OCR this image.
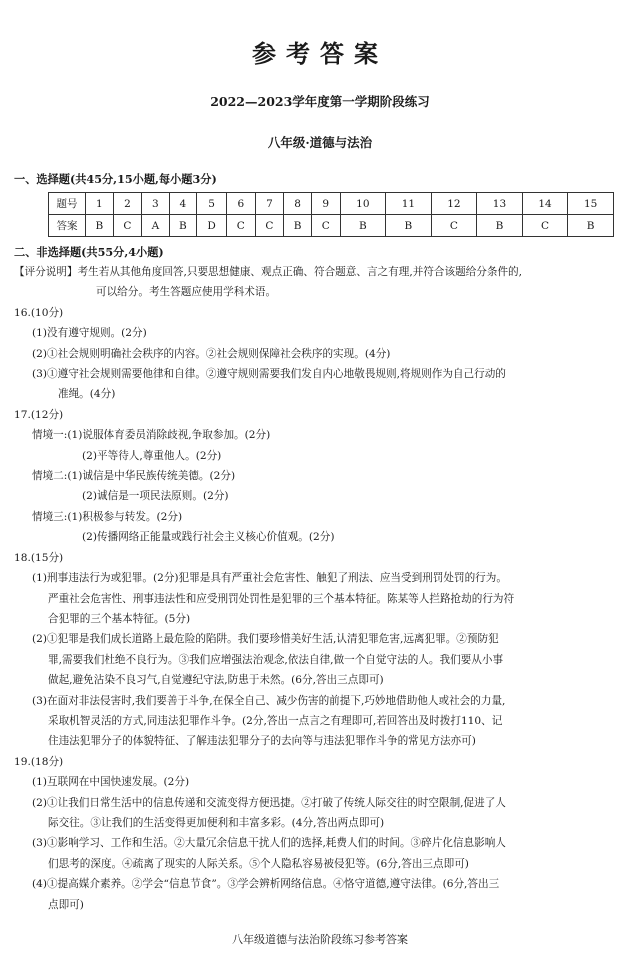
参考答案
2022—2023学年度第一学期阶段练习
八年级·道德与法治
一、选择题(共45分,15小题,每小题3分)
题号	1	2	3	4	5	6	7	8	9	10	11	12	13	14	15
答案	B	C	A	B	D	C	C	B	C	B	B	C	B	C	B
二、非选择题(共55分,4小题)
【评分说明】考生若从其他角度回答,只要思想健康、观点正确、符合题意、言之有理,并符合该题给分条件的,
可以给分。考生答题应使用学科术语。
16.(10分)
(1)没有遵守规则。(2分)
(2)①社会规则明确社会秩序的内容。②社会规则保障社会秩序的实现。(4分)
(3)①遵守社会规则需要他律和自律。②遵守规则需要我们发自内心地敬畏规则,将规则作为自己行动的
准绳。(4分)
17.(12分)
情境一:(1)说服体育委员消除歧视,争取参加。(2分)
(2)平等待人,尊重他人。(2分)
情境二:(1)诚信是中华民族传统美德。(2分)
(2)诚信是一项民法原则。(2分)
情境三:(1)积极参与转发。(2分)
(2)传播网络正能量或践行社会主义核心价值观。(2分)
18.(15分)
(1)刑事违法行为或犯罪。(2分)犯罪是具有严重社会危害性、触犯了刑法、应当受到刑罚处罚的行为。
严重社会危害性、刑事违法性和应受刑罚处罚性是犯罪的三个基本特征。陈某等人拦路抢劫的行为符
合犯罪的三个基本特征。(5分)
(2)①犯罪是我们成长道路上最危险的陷阱。我们要珍惜美好生活,认清犯罪危害,远离犯罪。②预防犯
罪,需要我们杜绝不良行为。③我们应增强法治观念,依法自律,做一个自觉守法的人。我们要从小事
做起,避免沾染不良习气,自觉遵纪守法,防患于未然。(6分,答出三点即可)
(3)在面对非法侵害时,我们要善于斗争,在保全自己、减少伤害的前提下,巧妙地借助他人或社会的力量,
采取机智灵活的方式,同违法犯罪作斗争。(2分,答出一点言之有理即可,若回答出及时拨打110、记
住违法犯罪分子的体貌特征、了解违法犯罪分子的去向等与违法犯罪作斗争的常见方法亦可)
19.(18分)
(1)互联网在中国快速发展。(2分)
(2)①让我们日常生活中的信息传递和交流变得方便迅捷。②打破了传统人际交往的时空限制,促进了人
际交往。③让我们的生活变得更加便利和丰富多彩。(4分,答出两点即可)
(3)①影响学习、工作和生活。②大量冗余信息干扰人们的选择,耗费人们的时间。③碎片化信息影响人
们思考的深度。④疏离了现实的人际关系。⑤个人隐私容易被侵犯等。(6分,答出三点即可)
(4)①提高媒介素养。②学会“信息节食”。③学会辨析网络信息。④恪守道德,遵守法律。(6分,答出三
点即可)
八年级道德与法治阶段练习参考答案
